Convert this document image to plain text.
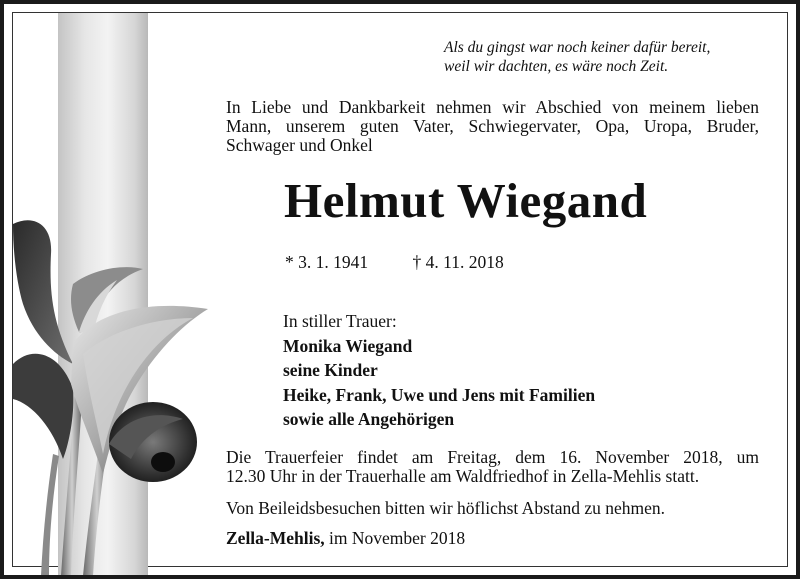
Als du gingst war noch keiner dafür bereit,
weil wir dachten, es wäre noch Zeit.
In Liebe und Dankbarkeit nehmen wir Abschied von meinem lieben
Mann, unserem guten Vater, Schwiegervater, Opa, Uropa, Bruder,
Schwager und Onkel
Helmut Wiegand
* 3. 1. 1941	† 4. 11. 2018
In stiller Trauer:
Monika Wiegand
seine Kinder
Heike, Frank, Uwe und Jens mit Familien
sowie alle Angehörigen
Die Trauerfeier findet am Freitag, dem 16. November 2018, um
12.30 Uhr in der Trauerhalle am Waldfriedhof in Zella-Mehlis statt.
Von Beileidsbesuchen bitten wir höflichst Abstand zu nehmen.
Zella-Mehlis, im November 2018
